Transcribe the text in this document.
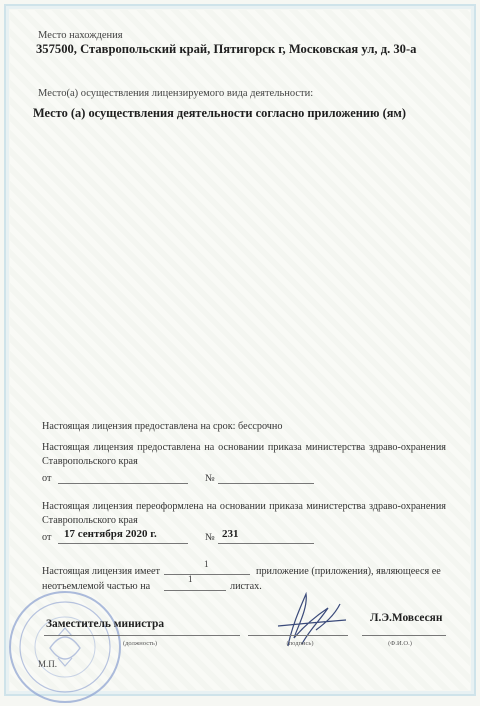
Место нахождения
357500, Ставропольский край, Пятигорск г, Московская ул, д. 30-а
Место(а) осуществления лицензируемого вида деятельности:
Место (а) осуществления деятельности согласно приложению (ям)
Настоящая лицензия предоставлена на срок: бессрочно
Настоящая лицензия предоставлена на основании приказа министерства здраво-охранения Ставропольского края
от	№
Настоящая лицензия переоформлена на основании приказа министерства здраво-охранения Ставропольского края
от 17 сентября 2020 г.	№ 231
Настоящая лицензия имеет
1
приложение (приложения), являющееся ее
неотъемлемой частью на
1
листах.
Заместитель министра
(должность)	(подпись)
Л.Э.Мовсесян
(Ф.И.О.)
М.П.
